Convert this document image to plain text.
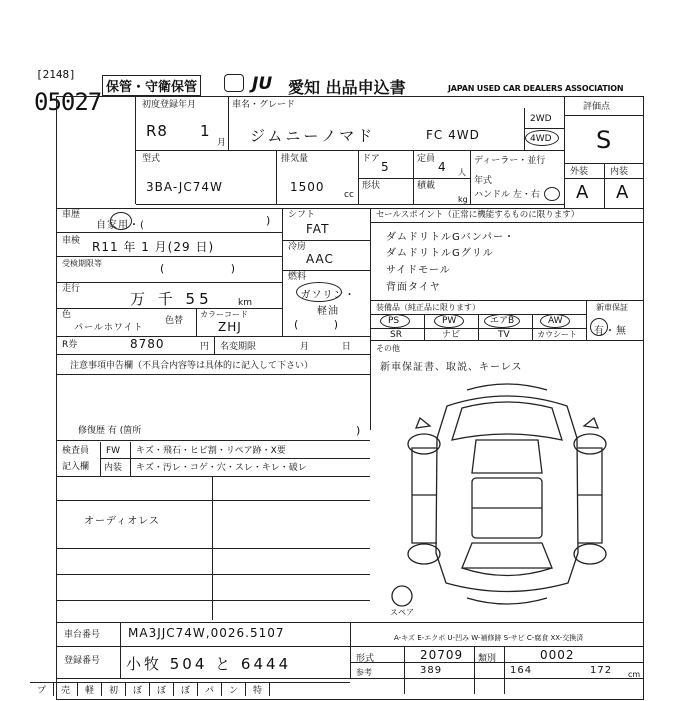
[2148]
05027
保管・守衛保管	JU 愛知 出品申込書	JAPAN USED CAR DEALERS ASSOCIATION
初度登録年月
R8 1
月
車名・グレード
ジムニーノマド	FC 4WD
2WD
4WD
評価点
S
外装 内装
A A
型式
3BA-JC74W
排気量
1500
cc
ドア
5
定員
4 人
形状	積載
kg
ディーラー・並行
年式
ハンドル 左・右
車歴
自家用・(	)
車検 R11 年 1 月(29 日)
受検期限等	(                   )
走行
万 千 55	km
色
パールホワイト
色替
カラーコード
ZHJ
シフト
FAT
冷房
AAC
燃料
ガソリン・軽油
( )
セールスポイント（正常に機能するものに限ります）
ダムドリトルGバンパー・
ダムドリトルGグリル
サイドモール
背面タイヤ
装備品（純正品に限ります）	新車保証
PS	PW	エアB	AW
SR	ナビ	TV	カウシート 有・無
その他
新車保証書、取説、キーレス
R券	8780	円 名変期限	月 日
注意事項申告欄（不具合内容等は具体的に記入して下さい）
修復歴 有 (箇所	)
検査員
記入欄
FW キズ・飛石・ヒビ割・リペア跡・X要
内装 キズ・汚レ・コゲ・穴・スレ・キレ・破レ
オーディオレス
スペア
A-キズ E-エクボ U-凹み W-補修跡 S-サビ C-腐食 XX-交換済
車台番号 MA3JJC74W,0026.5107
登録番号 小牧 504 と 6444	形式	20709 類別	0002
参考	389	164	172 cm
プ	売	軽	初	ぼ	ぼ	ぼ	パ	ン	特
